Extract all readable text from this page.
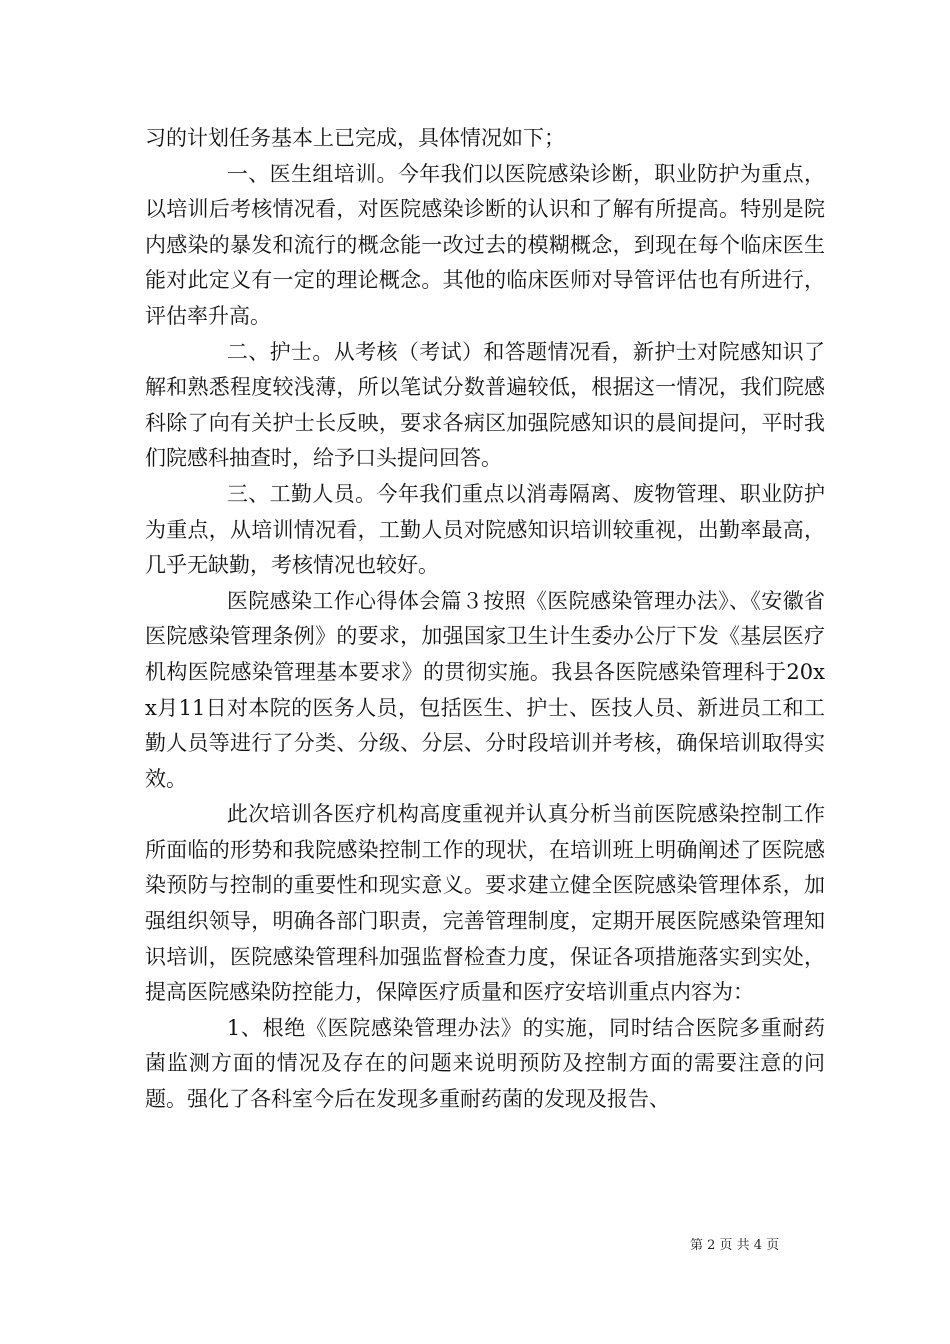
习的计划任务基本上已完成，具体情况如下；

一、医生组培训。今年我们以医院感染诊断，职业防护为重点，以培训后考核情况看，对医院感染诊断的认识和了解有所提高。特别是院内感染的暴发和流行的概念能一改过去的模糊概念，到现在每个临床医生能对此定义有一定的理论概念。其他的临床医师对导管评估也有所进行，评估率升高。

二、护士。从考核（考试）和答题情况看，新护士对院感知识了解和熟悉程度较浅薄，所以笔试分数普遍较低，根据这一情况，我们院感科除了向有关护士长反映，要求各病区加强院感知识的晨间提问，平时我们院感科抽查时，给予口头提问回答。

三、工勤人员。今年我们重点以消毒隔离、废物管理、职业防护为重点，从培训情况看，工勤人员对院感知识培训较重视，出勤率最高，几乎无缺勤，考核情况也较好。

医院感染工作心得体会篇３按照《医院感染管理办法》、《安徽省医院感染管理条例》的要求，加强国家卫生计生委办公厅下发《基层医疗机构医院感染管理基本要求》的贯彻实施。我县各医院感染管理科于20xx月11日对本院的医务人员，包括医生、护士、医技人员、新进员工和工勤人员等进行了分类、分级、分层、分时段培训并考核，确保培训取得实效。

此次培训各医疗机构高度重视并认真分析当前医院感染控制工作所面临的形势和我院感染控制工作的现状，在培训班上明确阐述了医院感染预防与控制的重要性和现实意义。要求建立健全医院感染管理体系，加强组织领导，明确各部门职责，完善管理制度，定期开展医院感染管理知识培训，医院感染管理科加强监督检查力度，保证各项措施落实到实处，提高医院感染防控能力，保障医疗质量和医疗安培训重点内容为：

1、根绝《医院感染管理办法》的实施，同时结合医院多重耐药菌监测方面的情况及存在的问题来说明预防及控制方面的需要注意的问题。强化了各科室今后在发现多重耐药菌的发现及报告、

第 2 页 共 4 页
